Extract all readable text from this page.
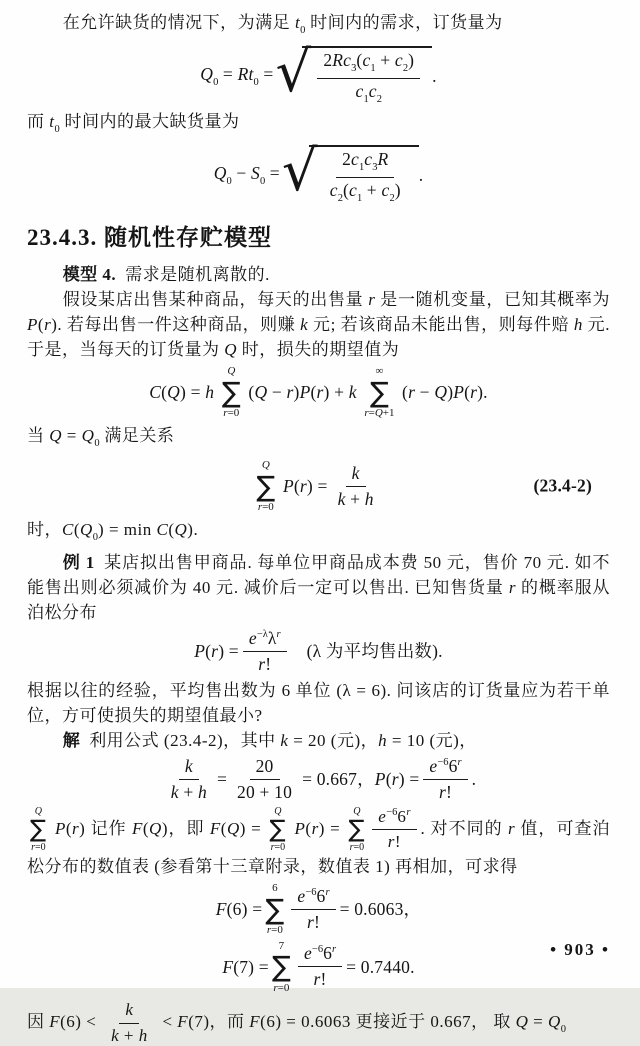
在允许缺货的情况下，为满足 $t_0$ 时间内的需求，订货量为

$Q_0 = Rt_0$ = √ $\frac{2Rc_3(c_1 + c_2)}{c_1c_2}$ .

而 $t_0$ 时间内的最大缺货量为

$Q_0 - S_0$ = √ $\frac{2c_1c_3R}{c_2(c_1 + c_2)}$ .
23.4.3. 随机性存贮模型

模型 4. 需求是随机离散的.

假设某店出售某种商品，每天的出售量 r 是一随机变量，已知其概率为 P(r). 若每出售一件这种商品，则赚 k 元; 若该商品未能出售，则每件赔 h 元. 于是，当每天的订货量为 Q 时，损失的期望值为

C(Q) = h
Q
∑
r=0
(Q − r)P(r) + k
∞
∑
r=Q+1
(r − Q)P(r).

当 $Q = Q_0$ 满足关系

Q
∑
r=0
$P(r) = \frac{k}{k + h}$	(23.4-2)

时，$C(Q_0) = \min C(Q)$.

例 1 某店拟出售甲商品. 每单位甲商品成本费 50 元，售价 70 元. 如不能售出则必须减价为 40 元. 减价后一定可以售出. 已知售货量 r 的概率服从泊松分布

$P(r) = \frac{e^{-\lambda}\lambda^r}{r!} (\lambda$ 为平均售出数).

根据以往的经验，平均售出数为 6 单位 (λ = 6). 问该店的订货量应为若干单位，方可使损失的期望值最小?

解 利用公式 (23.4-2)，其中 k = 20 (元)，h = 10 (元)，

$\frac{k}{k + h} = \frac{20}{20 + 10} = 0.667$，$P(r) = \frac{e^{-6}6^r}{r!}$ .

Q
∑
r=0
P(r) 记作 F(Q)，即 F(Q) =
Q
∑
r=0
P(r) =
Q
∑
$r=0 \frac{e^{-6}6^r}{r!}$ . 对不同的 r 值，可查泊松分布的数值表 (参看第十三章附录，数值表 1) 再相加，可求得

F(6) =
6
∑
$r=0 \frac{e^{-6}6^r}{r!} = 0.6063$，
F(7) =
7
∑
$r=0 \frac{e^{-6}6^r}{r!} = 0.7440$.

因 $F(6) < \frac{k}{k + h} < F(7)$，而 F(6) = 0.6063 更接近于 0.667， 取 $Q = Q_0$

• 903 •
